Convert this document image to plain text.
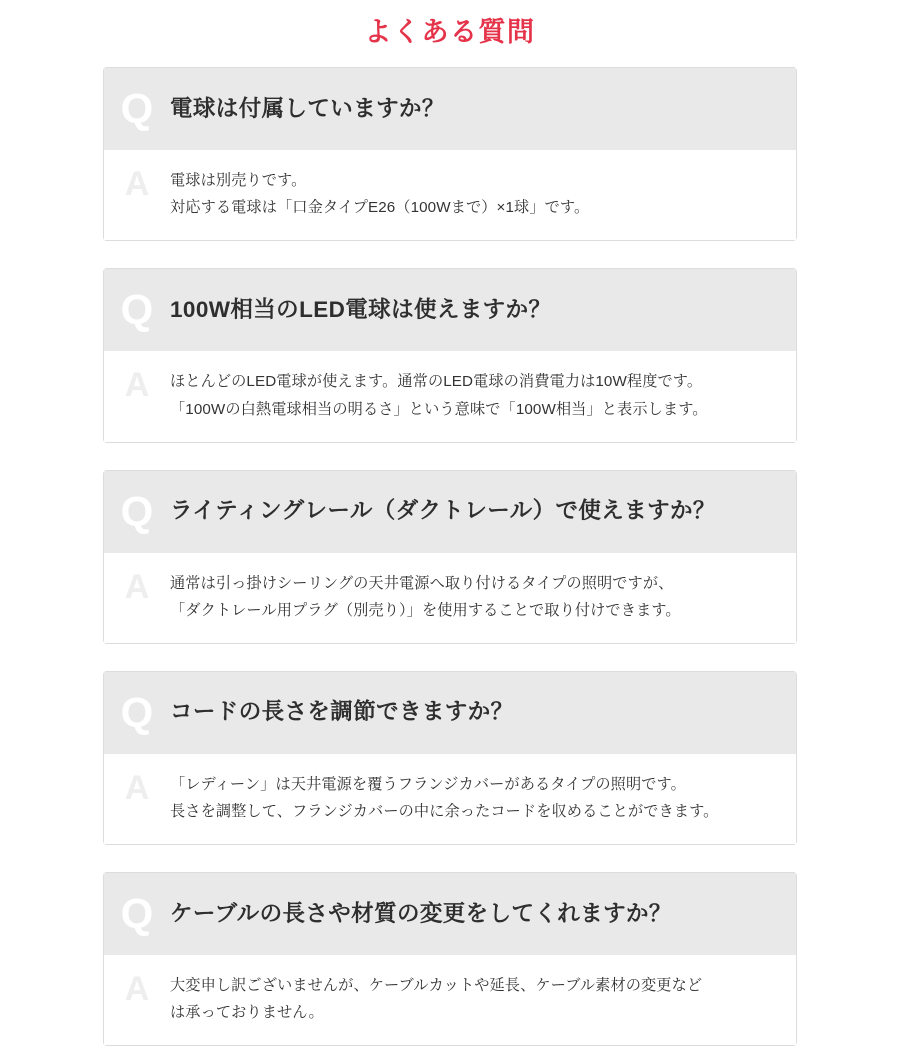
よくある質問
Q 電球は付属していますか？
A	電球は別売りです。
対応する電球は「口金タイプE26（100Wまで）×1球」です。
Q 100W相当のLED電球は使えますか？
A	ほとんどのLED電球が使えます。通常のLED電球の消費電力は10W程度です。
「100Wの白熱電球相当の明るさ」という意味で「100W相当」と表示します。
Q ライティングレール（ダクトレール）で使えますか？
A	通常は引っ掛けシーリングの天井電源へ取り付けるタイプの照明ですが、
「ダクトレール用プラグ（別売り）」を使用することで取り付けできます。
Q コードの長さを調節できますか？
A	「レディーン」は天井電源を覆うフランジカバーがあるタイプの照明です。
長さを調整して、フランジカバーの中に余ったコードを収めることができます。
Q ケーブルの長さや材質の変更をしてくれますか？
A	大変申し訳ございませんが、ケーブルカットや延長、ケーブル素材の変更など
は承っておりません。
